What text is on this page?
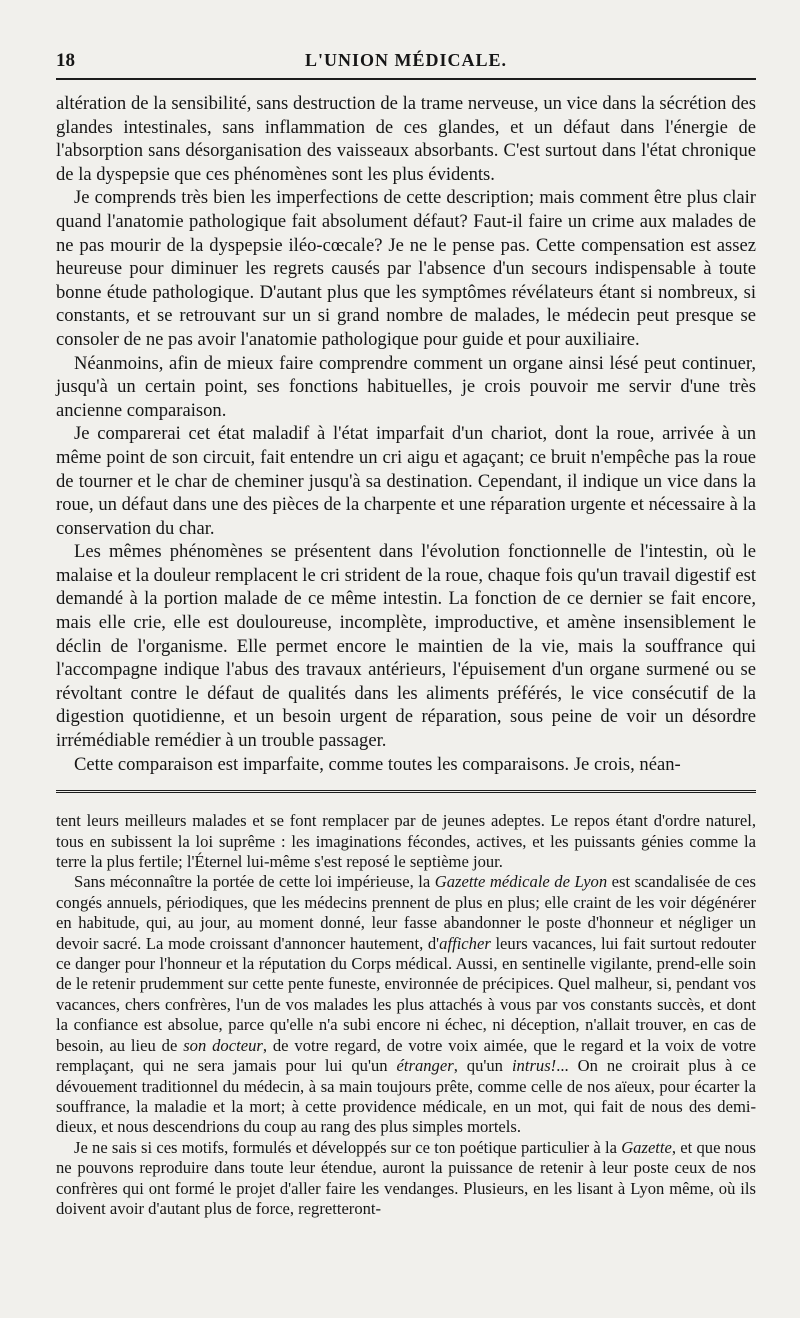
18	L'UNION MÉDICALE.

altération de la sensibilité, sans destruction de la trame nerveuse, un vice dans la sécrétion des glandes intestinales, sans inflammation de ces glandes, et un défaut dans l'énergie de l'absorption sans désorganisation des vaisseaux absorbants. C'est surtout dans l'état chronique de la dyspepsie que ces phénomènes sont les plus évidents.

Je comprends très bien les imperfections de cette description; mais comment être plus clair quand l'anatomie pathologique fait absolument défaut? Faut-il faire un crime aux malades de ne pas mourir de la dyspepsie iléo-cœcale? Je ne le pense pas. Cette compensation est assez heureuse pour diminuer les regrets causés par l'absence d'un secours indispensable à toute bonne étude pathologique. D'autant plus que les symptômes révélateurs étant si nombreux, si constants, et se retrouvant sur un si grand nombre de malades, le médecin peut presque se consoler de ne pas avoir l'anatomie pathologique pour guide et pour auxiliaire.

Néanmoins, afin de mieux faire comprendre comment un organe ainsi lésé peut continuer, jusqu'à un certain point, ses fonctions habituelles, je crois pouvoir me servir d'une très ancienne comparaison.

Je comparerai cet état maladif à l'état imparfait d'un chariot, dont la roue, arrivée à un même point de son circuit, fait entendre un cri aigu et agaçant; ce bruit n'empêche pas la roue de tourner et le char de cheminer jusqu'à sa destination. Cependant, il indique un vice dans la roue, un défaut dans une des pièces de la charpente et une réparation urgente et nécessaire à la conservation du char.

Les mêmes phénomènes se présentent dans l'évolution fonctionnelle de l'intestin, où le malaise et la douleur remplacent le cri strident de la roue, chaque fois qu'un travail digestif est demandé à la portion malade de ce même intestin. La fonction de ce dernier se fait encore, mais elle crie, elle est douloureuse, incomplète, improductive, et amène insensiblement le déclin de l'organisme. Elle permet encore le maintien de la vie, mais la souffrance qui l'accompagne indique l'abus des travaux antérieurs, l'épuisement d'un organe surmené ou se révoltant contre le défaut de qualités dans les aliments préférés, le vice consécutif de la digestion quotidienne, et un besoin urgent de réparation, sous peine de voir un désordre irrémédiable remédier à un trouble passager.

Cette comparaison est imparfaite, comme toutes les comparaisons. Je crois, néan-

tent leurs meilleurs malades et se font remplacer par de jeunes adeptes. Le repos étant d'ordre naturel, tous en subissent la loi suprême : les imaginations fécondes, actives, et les puissants génies comme la terre la plus fertile; l'Éternel lui-même s'est reposé le septième jour.

Sans méconnaître la portée de cette loi impérieuse, la Gazette médicale de Lyon est scandalisée de ces congés annuels, périodiques, que les médecins prennent de plus en plus; elle craint de les voir dégénérer en habitude, qui, au jour, au moment donné, leur fasse abandonner le poste d'honneur et négliger un devoir sacré. La mode croissant d'annoncer hautement, d'afficher leurs vacances, lui fait surtout redouter ce danger pour l'honneur et la réputation du Corps médical. Aussi, en sentinelle vigilante, prend-elle soin de le retenir prudemment sur cette pente funeste, environnée de précipices. Quel malheur, si, pendant vos vacances, chers confrères, l'un de vos malades les plus attachés à vous par vos constants succès, et dont la confiance est absolue, parce qu'elle n'a subi encore ni échec, ni déception, n'allait trouver, en cas de besoin, au lieu de son docteur, de votre regard, de votre voix aimée, que le regard et la voix de votre remplaçant, qui ne sera jamais pour lui qu'un étranger, qu'un intrus!... On ne croirait plus à ce dévouement traditionnel du médecin, à sa main toujours prête, comme celle de nos aïeux, pour écarter la souffrance, la maladie et la mort; à cette providence médicale, en un mot, qui fait de nous des demi-dieux, et nous descendrions du coup au rang des plus simples mortels.

Je ne sais si ces motifs, formulés et développés sur ce ton poétique particulier à la Gazette, et que nous ne pouvons reproduire dans toute leur étendue, auront la puissance de retenir à leur poste ceux de nos confrères qui ont formé le projet d'aller faire les vendanges. Plusieurs, en les lisant à Lyon même, où ils doivent avoir d'autant plus de force, regretteront-
